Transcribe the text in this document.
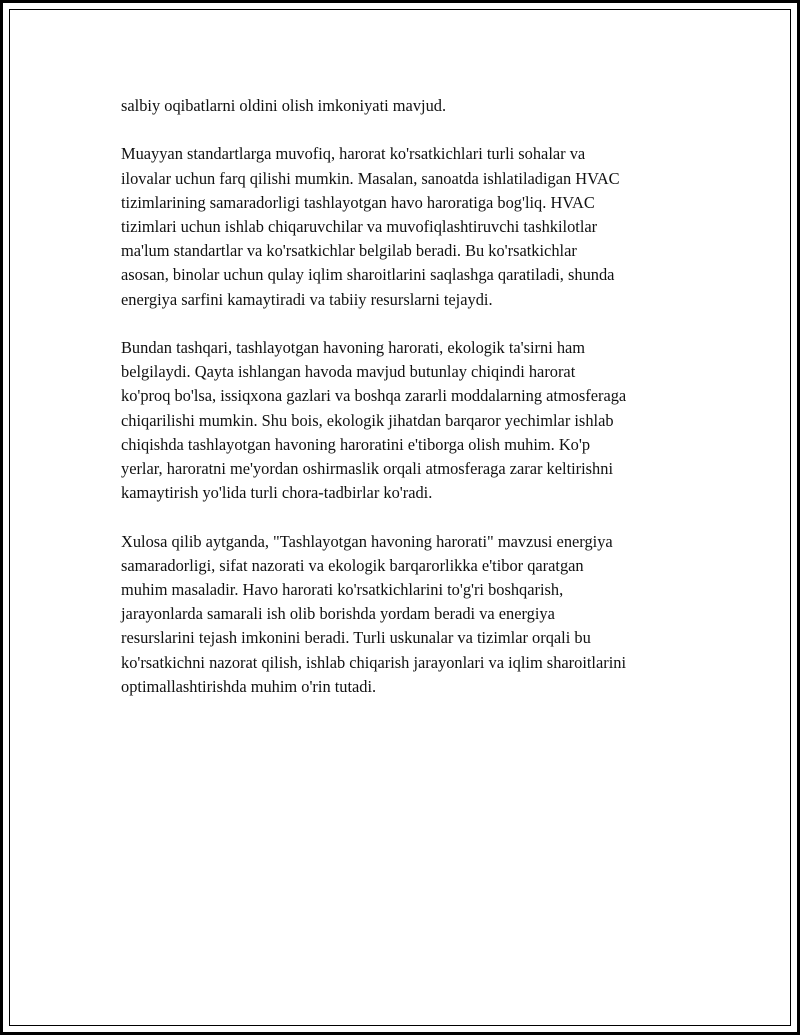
salbiy oqibatlarni oldini olish imkoniyati mavjud.
Muayyan standartlarga muvofiq, harorat ko'rsatkichlari turli sohalar va
ilovalar uchun farq qilishi mumkin. Masalan, sanoatda ishlatiladigan HVAC
tizimlarining samaradorligi tashlayotgan havo haroratiga bog'liq. HVAC
tizimlari uchun ishlab chiqaruvchilar va muvofiqlashtiruvchi tashkilotlar
ma'lum standartlar va ko'rsatkichlar belgilab beradi. Bu ko'rsatkichlar
asosan, binolar uchun qulay iqlim sharoitlarini saqlashga qaratiladi, shunda
energiya sarfini kamaytiradi va tabiiy resurslarni tejaydi.
Bundan tashqari, tashlayotgan havoning harorati, ekologik ta'sirni ham
belgilaydi. Qayta ishlangan havoda mavjud butunlay chiqindi harorat
ko'proq bo'lsa, issiqxona gazlari va boshqa zararli moddalarning atmosferaga
chiqarilishi mumkin. Shu bois, ekologik jihatdan barqaror yechimlar ishlab
chiqishda tashlayotgan havoning haroratini e'tiborga olish muhim. Ko'p
yerlar, haroratni me'yordan oshirmaslik orqali atmosferaga zarar keltirishni
kamaytirish yo'lida turli chora-tadbirlar ko'radi.
Xulosa qilib aytganda, "Tashlayotgan havoning harorati" mavzusi energiya
samaradorligi, sifat nazorati va ekologik barqarorlikka e'tibor qaratgan
muhim masaladir. Havo harorati ko'rsatkichlarini to'g'ri boshqarish,
jarayonlarda samarali ish olib borishda yordam beradi va energiya
resurslarini tejash imkonini beradi. Turli uskunalar va tizimlar orqali bu
ko'rsatkichni nazorat qilish, ishlab chiqarish jarayonlari va iqlim sharoitlarini
optimallashtirishda muhim o'rin tutadi.
